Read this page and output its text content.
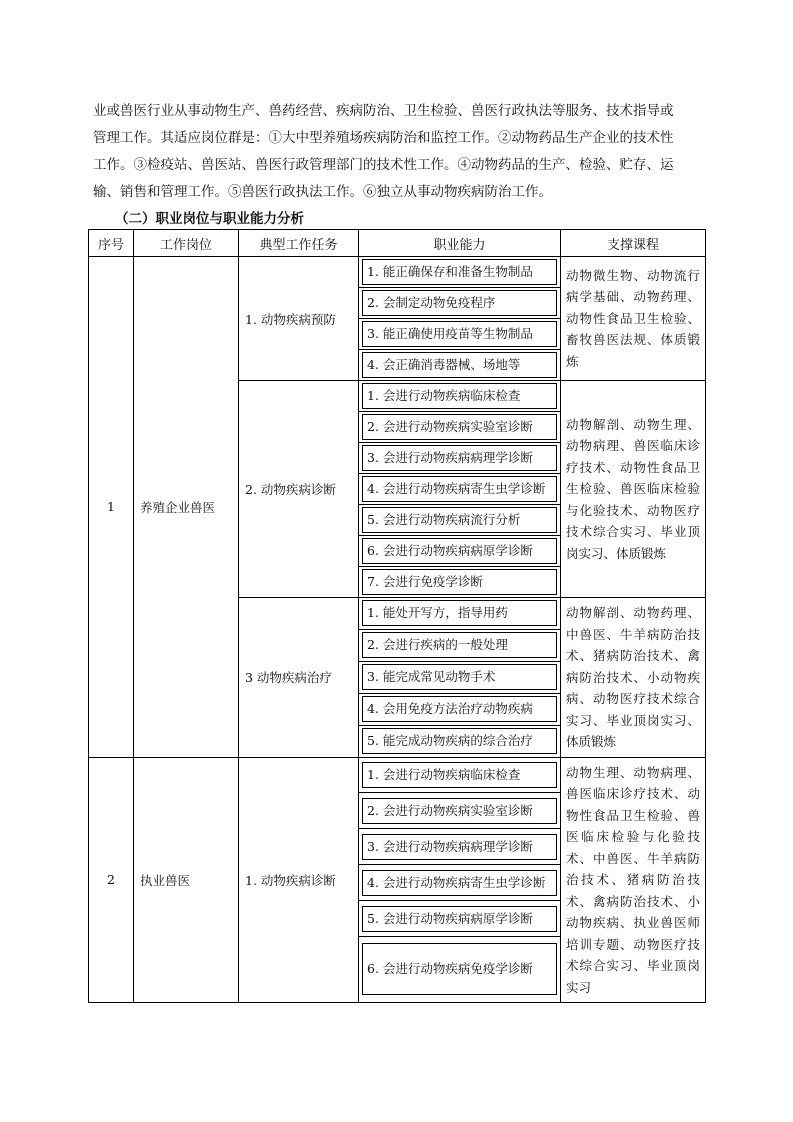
业或兽医行业从事动物生产、兽药经营、疾病防治、卫生检验、兽医行政执法等服务、技术指导或
管理工作。其适应岗位群是：①大中型养殖场疾病防治和监控工作。②动物药品生产企业的技术性
工作。③检疫站、兽医站、兽医行政管理部门的技术性工作。④动物药品的生产、检验、贮存、运
输、销售和管理工作。⑤兽医行政执法工作。⑥独立从事动物疾病防治工作。
（二）职业岗位与职业能力分析
序号	工作岗位	典型工作任务	职业能力	支撑课程
1	养殖企业兽医	1. 动物疾病预防	1. 能正确保存和准备生物制品	动物微生物、动物流行病学基础、动物药理、动物性食品卫生检验、畜牧兽医法规、体质锻炼

			2. 会制定动物免疫程序	

			3. 能正确使用疫苗等生物制品	

			4. 会正确消毒器械、场地等	

		2. 动物疾病诊断	1. 会进行动物疾病临床检查	动物解剖、动物生理、动物病理、兽医临床诊疗技术、动物性食品卫生检验、兽医临床检验与化验技术、动物医疗技术综合实习、毕业顶岗实习、体质锻炼

			2. 会进行动物疾病实验室诊断	

			3. 会进行动物疾病病理学诊断	

			4. 会进行动物疾病寄生虫学诊断	

			5. 会进行动物疾病流行分析	

			6. 会进行动物疾病病原学诊断	

			7. 会进行免疫学诊断	

		3 动物疾病治疗	1. 能处开写方，指导用药	动物解剖、动物药理、中兽医、牛羊病防治技术、猪病防治技术、禽病防治技术、小动物疾病、动物医疗技术综合实习、毕业顶岗实习、体质锻炼

			2. 会进行疾病的一般处理	

			3. 能完成常见动物手术	

			4. 会用免疫方法治疗动物疾病	

			5. 能完成动物疾病的综合治疗	

2	执业兽医	1. 动物疾病诊断	1. 会进行动物疾病临床检查	动物生理、动物病理、兽医临床诊疗技术、动物性食品卫生检验、兽医临床检验与化验技术、中兽医、牛羊病防治技术、猪病防治技术、禽病防治技术、小动物疾病、执业兽医师培训专题、动物医疗技术综合实习、毕业顶岗实习

			2. 会进行动物疾病实验室诊断	

			3. 会进行动物疾病病理学诊断	

			4. 会进行动物疾病寄生虫学诊断	

			5. 会进行动物疾病病原学诊断	

			6. 会进行动物疾病免疫学诊断	
